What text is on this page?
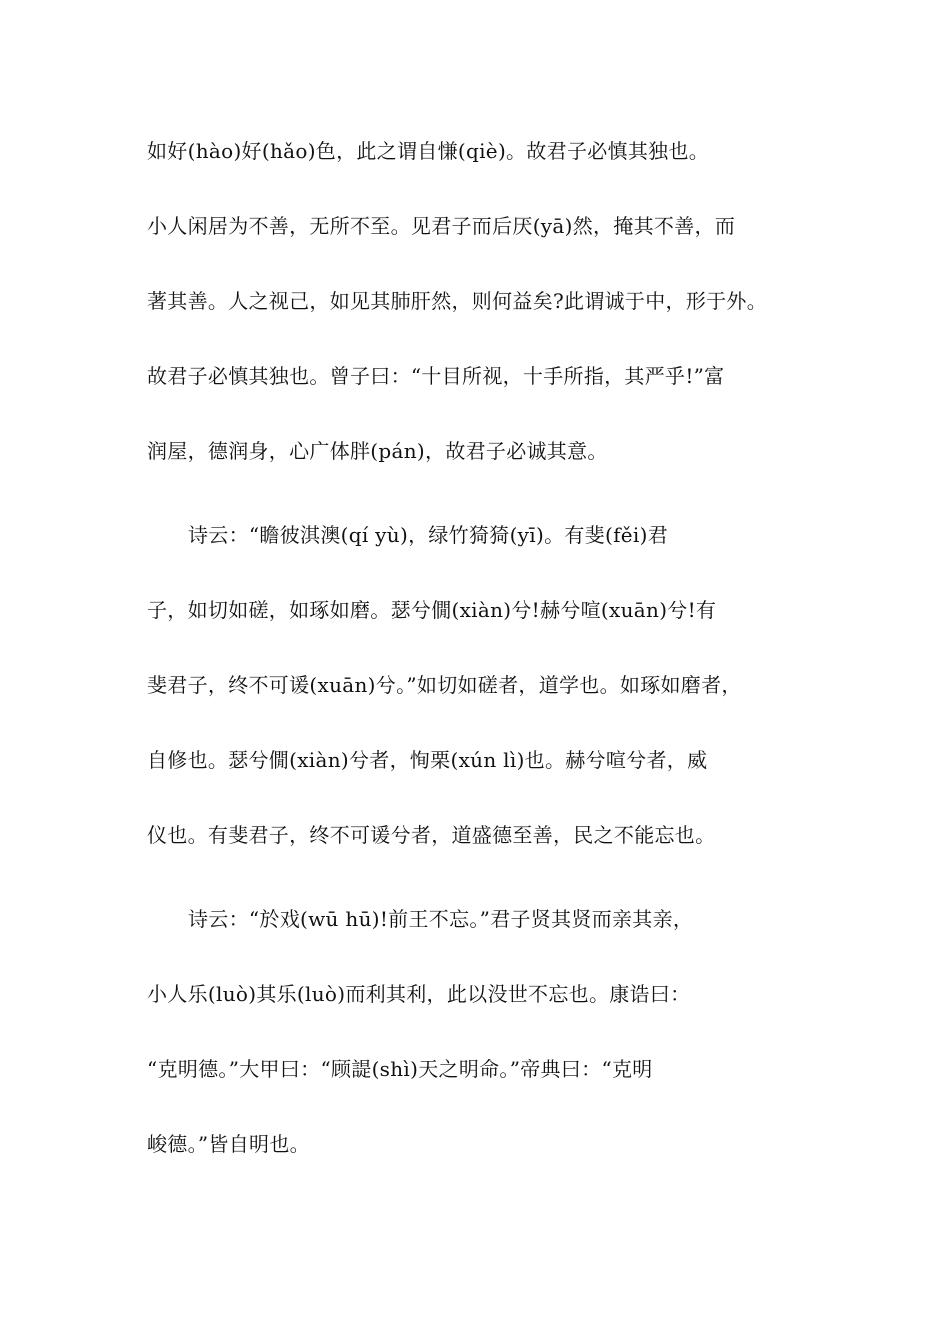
如好(hào)好(hǎo)色，此之谓自慊(qiè)。故君子必慎其独也。
小人闲居为不善，无所不至。见君子而后厌(yā)然，掩其不善，而
著其善。人之视己，如见其肺肝然，则何益矣?此谓诚于中，形于外。
故君子必慎其独也。曾子曰：“十目所视，十手所指，其严乎!”富
润屋，德润身，心广体胖(pán)，故君子必诚其意。
诗云：“瞻彼淇澳(qí yù)，绿竹猗猗(yī)。有斐(fěi)君
子，如切如磋，如琢如磨。瑟兮僩(xiàn)兮!赫兮喧(xuān)兮!有
斐君子，终不可谖(xuān)兮。”如切如磋者，道学也。如琢如磨者，
自修也。瑟兮僩(xiàn)兮者，恂栗(xún lì)也。赫兮喧兮者，威
仪也。有斐君子，终不可谖兮者，道盛德至善，民之不能忘也。
诗云：“於戏(wū hū)!前王不忘。”君子贤其贤而亲其亲，
小人乐(luò)其乐(luò)而利其利，此以没世不忘也。康诰曰：
“克明德。”大甲曰：“顾諟(shì)天之明命。”帝典曰：“克明
峻德。”皆自明也。
